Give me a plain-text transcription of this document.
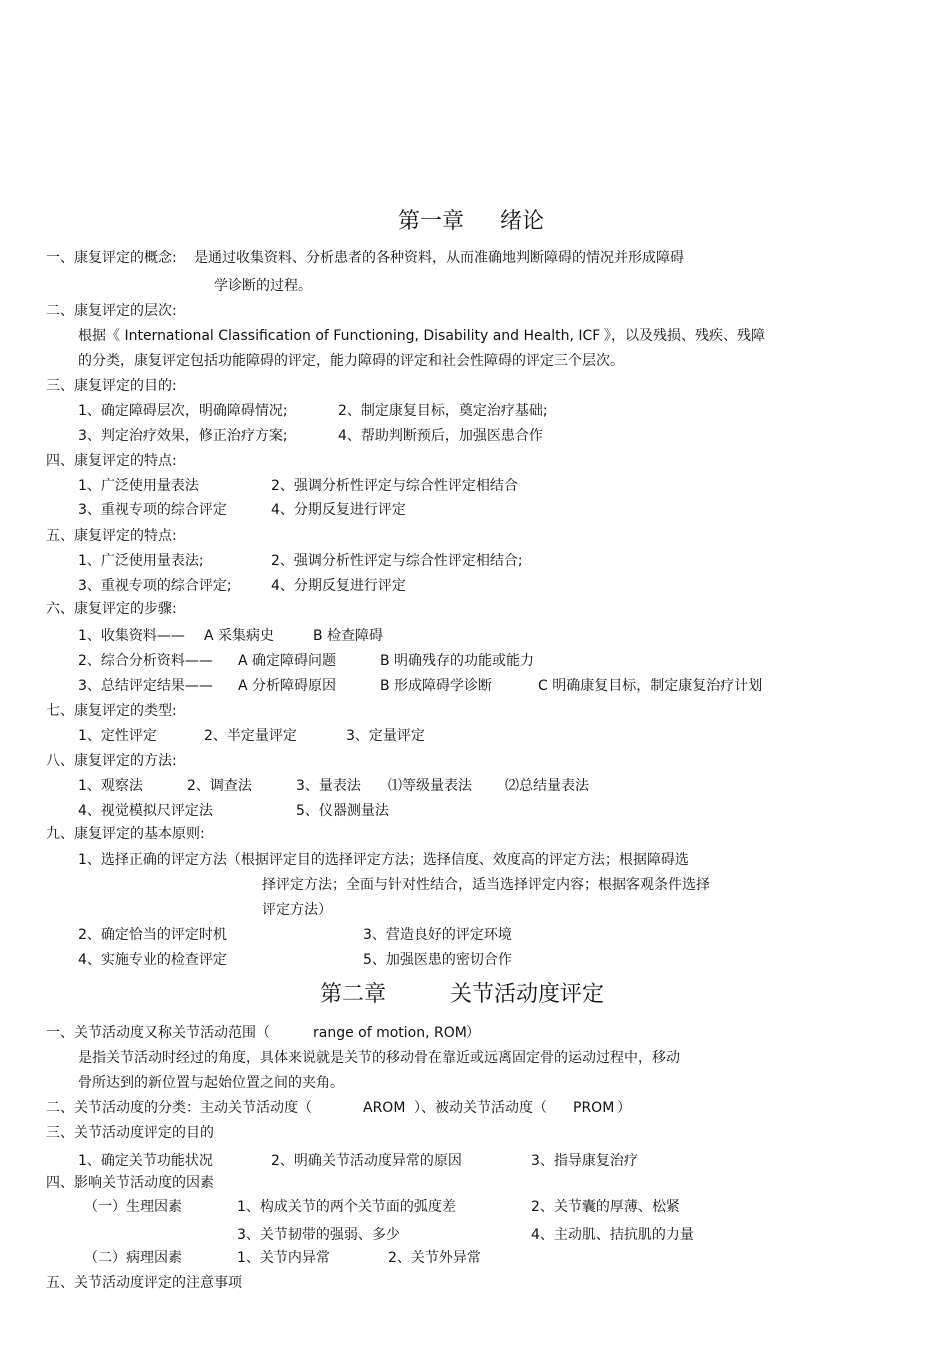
第一章 绪论
一、康复评定的概念: 是通过收集资料、分析患者的各种资料，从而准确地判断障碍的情况并形成障碍
学诊断的过程。
二、康复评定的层次:
根据《 International Classification of Functioning, Disability and Health, ICF 》，以及残损、残疾、残障
的分类，康复评定包括功能障碍的评定，能力障碍的评定和社会性障碍的评定三个层次。
三、康复评定的目的:
1、确定障碍层次，明确障碍情况;	2、制定康复目标，奠定治疗基础;
3、判定治疗效果，修正治疗方案;	4、帮助判断预后，加强医患合作
四、康复评定的特点:
1、广泛使用量表法	2、强调分析性评定与综合性评定相结合
3、重视专项的综合评定	4、分期反复进行评定
五、康复评定的特点:
1、广泛使用量表法;	2、强调分析性评定与综合性评定相结合;
3、重视专项的综合评定;	4、分期反复进行评定
六、康复评定的步骤:
1、收集资料—— A 采集病史	B 检查障碍
2、综合分析资料—— A 确定障碍问题	B 明确残存的功能或能力
3、总结评定结果—— A 分析障碍原因	B 形成障碍学诊断	C 明确康复目标，制定康复治疗计划
七、康复评定的类型:
1、定性评定	2、半定量评定	3、定量评定
八、康复评定的方法:
1、观察法	2、调查法	3、量表法 ⑴等级量表法 ⑵总结量表法
4、视觉模拟尺评定法	5、仪器测量法
九、康复评定的基本原则:
1、选择正确的评定方法（根据评定目的选择评定方法；选择信度、效度高的评定方法；根据障碍选
择评定方法；全面与针对性结合，适当选择评定内容；根据客观条件选择
评定方法）
2、确定恰当的评定时机	3、营造良好的评定环境
4、实施专业的检查评定	5、加强医患的密切合作
第二章	关节活动度评定
一、关节活动度又称关节活动范围（	range of motion, ROM ）
是指关节活动时经过的角度，具体来说就是关节的移动骨在靠近或远离固定骨的运动过程中，移动
骨所达到的新位置与起始位置之间的夹角。
二、关节活动度的分类：主动关节活动度（	AROM ）、被动关节活动度（ PROM ）
三、关节活动度评定的目的
1、确定关节功能状况	2、明确关节活动度异常的原因	3、指导康复治疗
四、影响关节活动度的因素
（一）生理因素	1、构成关节的两个关节面的弧度差	2、关节囊的厚薄、松紧
3、关节韧带的强弱、多少	4、主动肌、拮抗肌的力量
（二）病理因素	1、关节内异常	2、关节外异常
五、关节活动度评定的注意事项
